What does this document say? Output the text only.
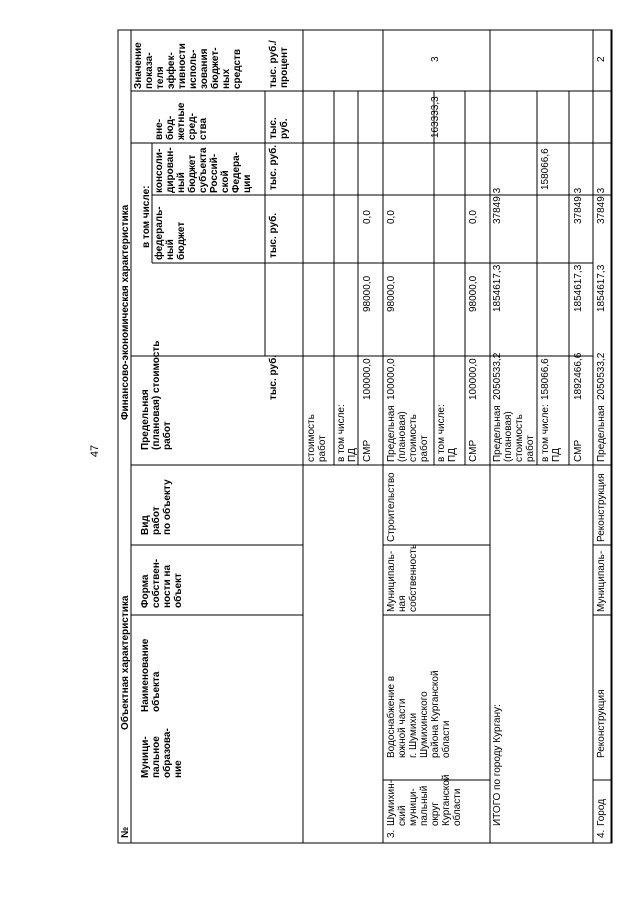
47
№
Объектная характеристика
Финансово-экономическая характеристика
Муници-
пальное
образова-
ние
Наименование
объекта
Форма
собствен-
ности на
объект
Вид
работ
по объекту
Предельная
(плановая) стоимость
работ
в том числе: федераль-
ный
бюджет
консоли-
дирован-
ный
бюджет
субъекта
Россий-
ской
Федера-
ции
вне-
бюд-
жетные
сред-
ства
Значение
показа-
теля
эффек-
тивности
исполь-
зования
бюджет-
ных
средств
тыс. руб.
тыс. руб.
тыс. руб.
тыс.
руб.
тыс. руб./
процент
стоимость
работ в том числе:
ПД СМР
100000,0
98000,0
0,0
3.
Шумихин-
ский
муници-
пальный
округ
Курганской
области
Водоснабжение в
южной части
г. Шумихи
Шумихинского
района Курганской
области
Муниципаль-
ная
собственность
Строительство
Предельная
(плановая)
стоимость
работ в том числе:
ПД СМР
100000,0
98000,0
0,0
100000,0
98000,0
0,0
163333,3
3
ИТОГО по городу Кургану:
Предельная
(плановая)
стоимость
работ в том числе:
ПД СМР
2050533,2
1854617,3
37849,3
158066,6
158066,6
1892466,6
1854617,3
37849,3
4.
Город
Реконструкция
Муниципаль-
Реконструкция
Предельная
2050533,2
1854617,3
37849,3
2
